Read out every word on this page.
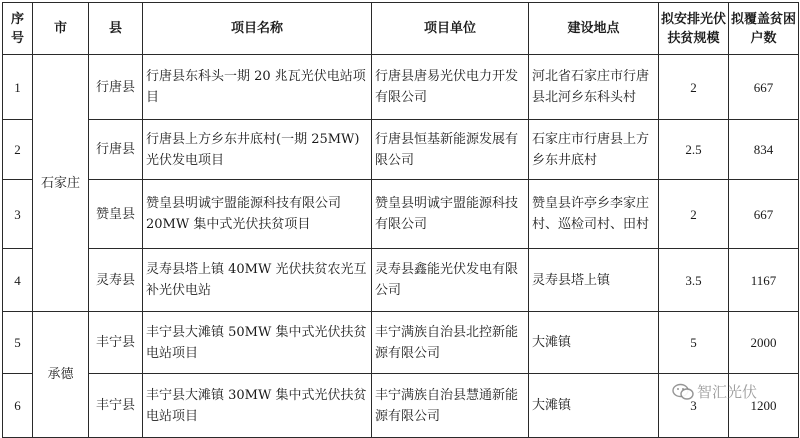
序号	市	县	项目名称	项目单位	建设地点	拟安排光伏扶贫规模	拟覆盖贫困户数
1	石家庄	行唐县	行唐县东科头一期 20 兆瓦光伏电站项目	行唐县唐易光伏电力开发有限公司	河北省石家庄市行唐县北河乡东科头村	2	667
2		行唐县	行唐县上方乡东井底村(一期 25MW)光伏发电项目	行唐县恒基新能源发展有限公司	石家庄市行唐县上方乡东井底村	2.5	834
3		赞皇县	赞皇县明诚宇盟能源科技有限公司 20MW 集中式光伏扶贫项目	赞皇县明诚宇盟能源科技有限公司	赞皇县许亭乡李家庄村、巡检司村、田村	2	667
4		灵寿县	灵寿县塔上镇 40MW 光伏扶贫农光互补光伏电站	灵寿县鑫能光伏发电有限公司	灵寿县塔上镇	3.5	1167
5	承德	丰宁县	丰宁县大滩镇 50MW 集中式光伏扶贫电站项目	丰宁满族自治县北控新能源有限公司	大滩镇	5	2000
6		丰宁县	丰宁县大滩镇 30MW 集中式光伏扶贫电站项目	丰宁满族自治县慧通新能源有限公司	大滩镇	3	1200
智汇光伏
